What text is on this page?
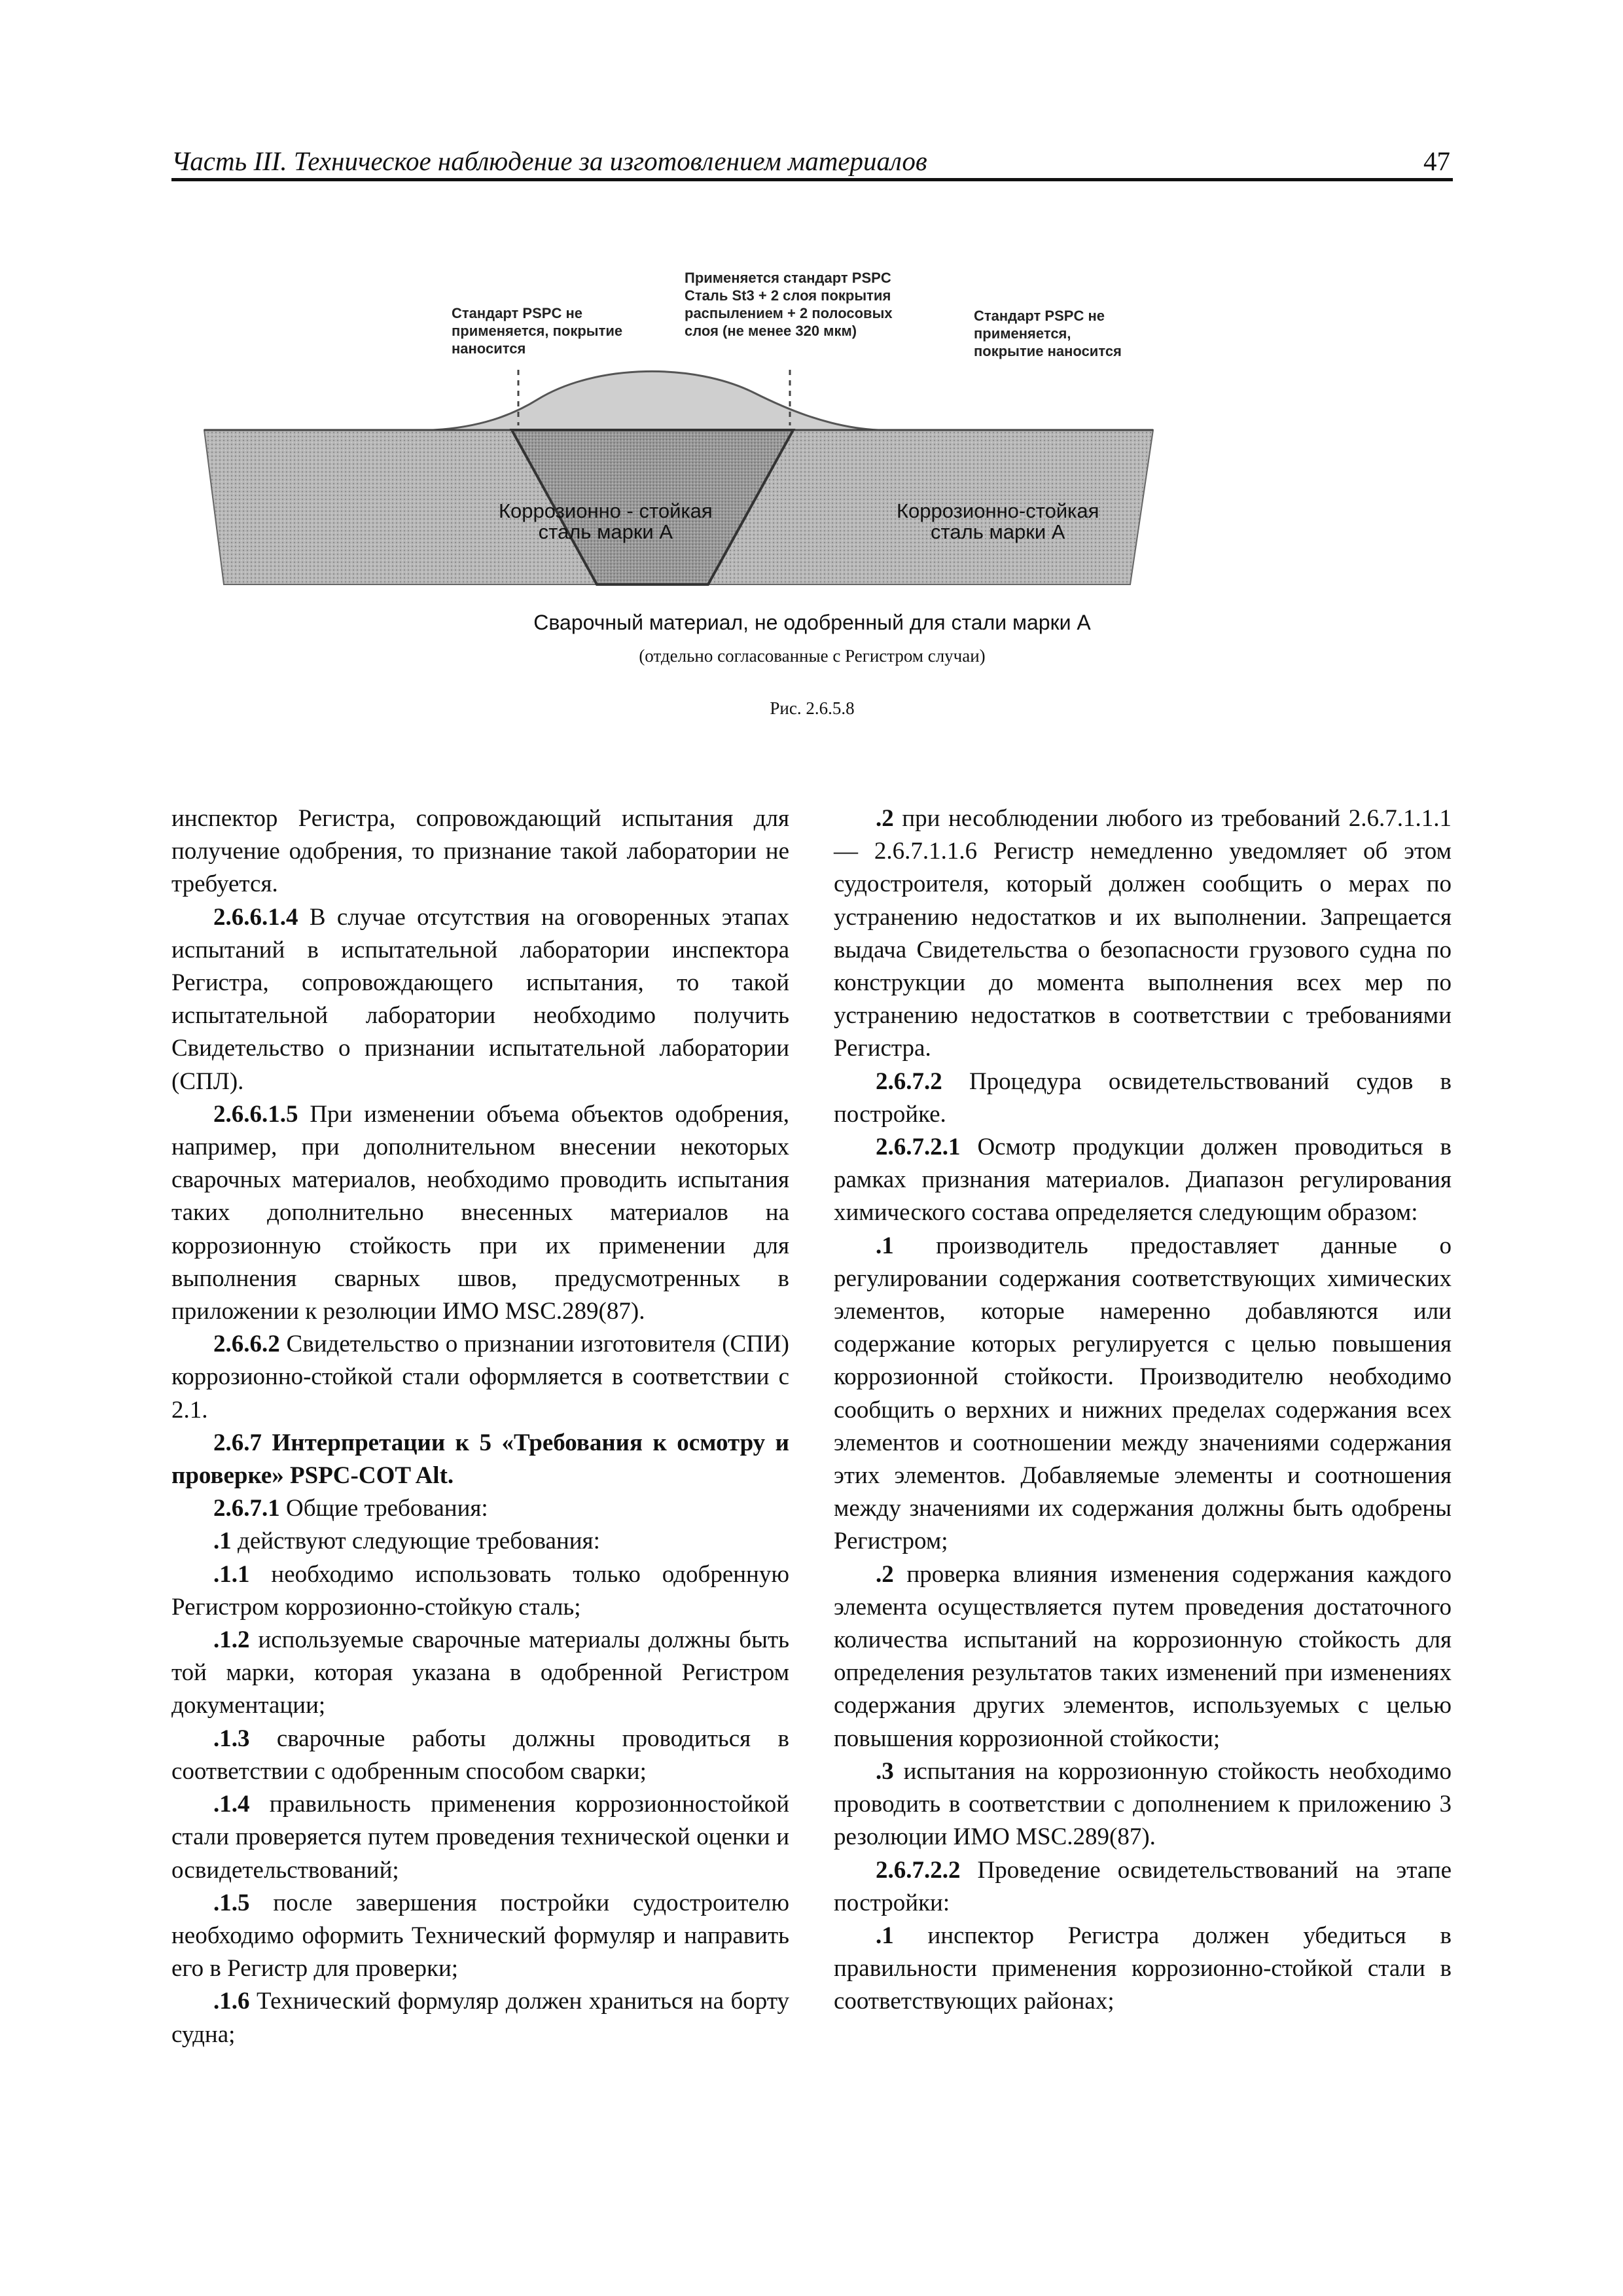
Часть III. Техническое наблюдение за изготовлением материалов	47
Стандарт PSPC не
применяется, покрытие
наносится
Применяется стандарт PSPC
Сталь St3 + 2 слоя покрытия
распылением + 2 полосовых
слоя (не менее 320 мкм)
Стандарт PSPC не
применяется,
покрытие наносится
Коррозионно - стойкая
сталь марки А
Коррозионно-стойкая
сталь марки А
Сварочный материал, не одобренный для стали марки А
(отдельно согласованные с Регистром случаи)
Рис. 2.6.5.8

инспектор Регистра, сопровождающий испытания для получение одобрения, то признание такой лаборатории не требуется.

2.6.6.1.4 В случае отсутствия на оговоренных этапах испытаний в испытательной лаборатории инспектора Регистра, сопровождающего испытания, то такой испытательной лаборатории необходимо получить Свидетельство о признании испытательной лаборатории (СПЛ).

2.6.6.1.5 При изменении объема объектов одобрения, например, при дополнительном внесении некоторых сварочных материалов, необходимо проводить испытания таких дополнительно внесенных материалов на коррозионную стойкость при их применении для выполнения сварных швов, предусмотренных в приложении к резолюции ИМО MSC.289(87).

2.6.6.2 Свидетельство о признании изготовителя (СПИ) коррозионно-стойкой стали оформляется в соответствии с 2.1.

2.6.7 Интерпретации к 5 «Требования к осмотру и проверке» PSPC-COT Alt.

2.6.7.1 Общие требования:

.1 действуют следующие требования:

.1.1 необходимо использовать только одобренную Регистром коррозионно-стойкую сталь;

.1.2 используемые сварочные материалы должны быть той марки, которая указана в одобренной Регистром документации;

.1.3 сварочные работы должны проводиться в соответствии с одобренным способом сварки;

.1.4 правильность применения коррозионностойкой стали проверяется путем проведения технической оценки и освидетельствований;

.1.5 после завершения постройки судостроителю необходимо оформить Технический формуляр и направить его в Регистр для проверки;

.1.6 Технический формуляр должен храниться на борту судна;

.2 при несоблюдении любого из требований 2.6.7.1.1.1 — 2.6.7.1.1.6 Регистр немедленно уведомляет об этом судостроителя, который должен сообщить о мерах по устранению недостатков и их выполнении. Запрещается выдача Свидетельства о безопасности грузового судна по конструкции до момента выполнения всех мер по устранению недостатков в соответствии с требованиями Регистра.

2.6.7.2 Процедура освидетельствований судов в постройке.

2.6.7.2.1 Осмотр продукции должен проводиться в рамках признания материалов. Диапазон регулирования химического состава определяется следующим образом:

.1 производитель предоставляет данные о регулировании содержания соответствующих химических элементов, которые намеренно добавляются или содержание которых регулируется с целью повышения коррозионной стойкости. Производителю необходимо сообщить о верхних и нижних пределах содержания всех элементов и соотношении между значениями содержания этих элементов. Добавляемые элементы и соотношения между значениями их содержания должны быть одобрены Регистром;

.2 проверка влияния изменения содержания каждого элемента осуществляется путем проведения достаточного количества испытаний на коррозионную стойкость для определения результатов таких изменений при изменениях содержания других элементов, используемых с целью повышения коррозионной стойкости;

.3 испытания на коррозионную стойкость необходимо проводить в соответствии с дополнением к приложению 3 резолюции ИМО MSC.289(87).

2.6.7.2.2 Проведение освидетельствований на этапе постройки:

.1 инспектор Регистра должен убедиться в правильности применения коррозионно-стойкой стали в соответствующих районах;
